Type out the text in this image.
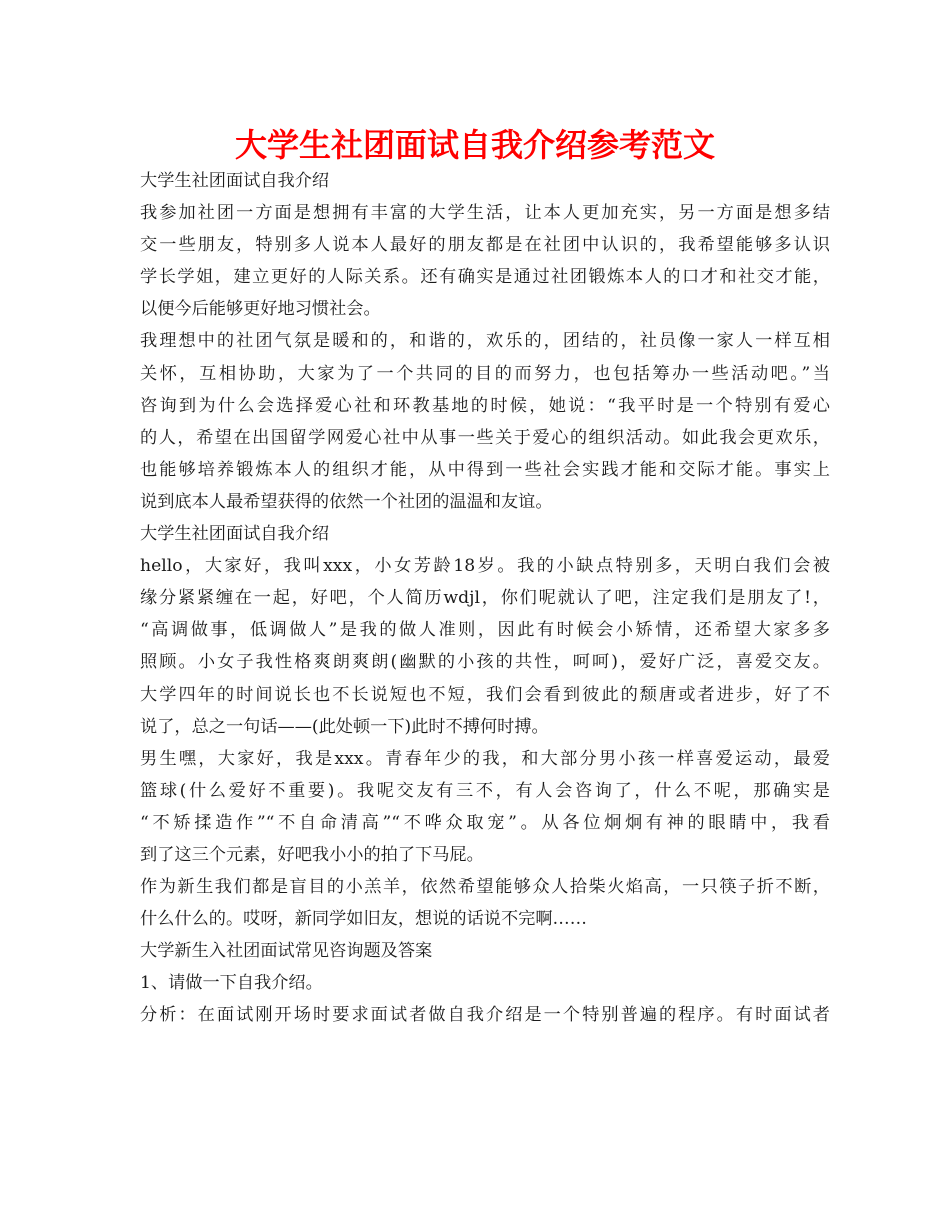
大学生社团面试自我介绍参考范文
大学生社团面试自我介绍
我参加社团一方面是想拥有丰富的大学生活，让本人更加充实，另一方面是想多结
交一些朋友，特别多人说本人最好的朋友都是在社团中认识的，我希望能够多认识
学长学姐，建立更好的人际关系。还有确实是通过社团锻炼本人的口才和社交才能，
以便今后能够更好地习惯社会。
我理想中的社团气氛是暖和的，和谐的，欢乐的，团结的，社员像一家人一样互相
关怀，互相协助，大家为了一个共同的目的而努力，也包括筹办一些活动吧。”当
咨询到为什么会选择爱心社和环教基地的时候，她说：“我平时是一个特别有爱心
的人，希望在出国留学网爱心社中从事一些关于爱心的组织活动。如此我会更欢乐，
也能够培养锻炼本人的组织才能，从中得到一些社会实践才能和交际才能。事实上
说到底本人最希望获得的依然一个社团的温温和友谊。
大学生社团面试自我介绍
hello，大家好，我叫xxx，小女芳龄18岁。我的小缺点特别多，天明白我们会被
缘分紧紧缠在一起，好吧，个人简历wdjl，你们呢就认了吧，注定我们是朋友了!，
“高调做事，低调做人”是我的做人准则，因此有时候会小矫情，还希望大家多多
照顾。小女子我性格爽朗爽朗(幽默的小孩的共性，呵呵)，爱好广泛，喜爱交友。
大学四年的时间说长也不长说短也不短，我们会看到彼此的颓唐或者进步，好了不
说了，总之一句话——(此处顿一下)此时不搏何时搏。
男生嘿，大家好，我是xxx。青春年少的我，和大部分男小孩一样喜爱运动，最爱
篮球(什么爱好不重要)。我呢交友有三不，有人会咨询了，什么不呢，那确实是
“不矫揉造作”“不自命清高”“不哗众取宠”。从各位炯炯有神的眼睛中，我看
到了这三个元素，好吧我小小的拍了下马屁。
作为新生我们都是盲目的小羔羊，依然希望能够众人拾柴火焰高，一只筷子折不断，
什么什么的。哎呀，新同学如旧友，想说的话说不完啊……
大学新生入社团面试常见咨询题及答案
1、请做一下自我介绍。
分析：在面试刚开场时要求面试者做自我介绍是一个特别普遍的程序。有时面试者
